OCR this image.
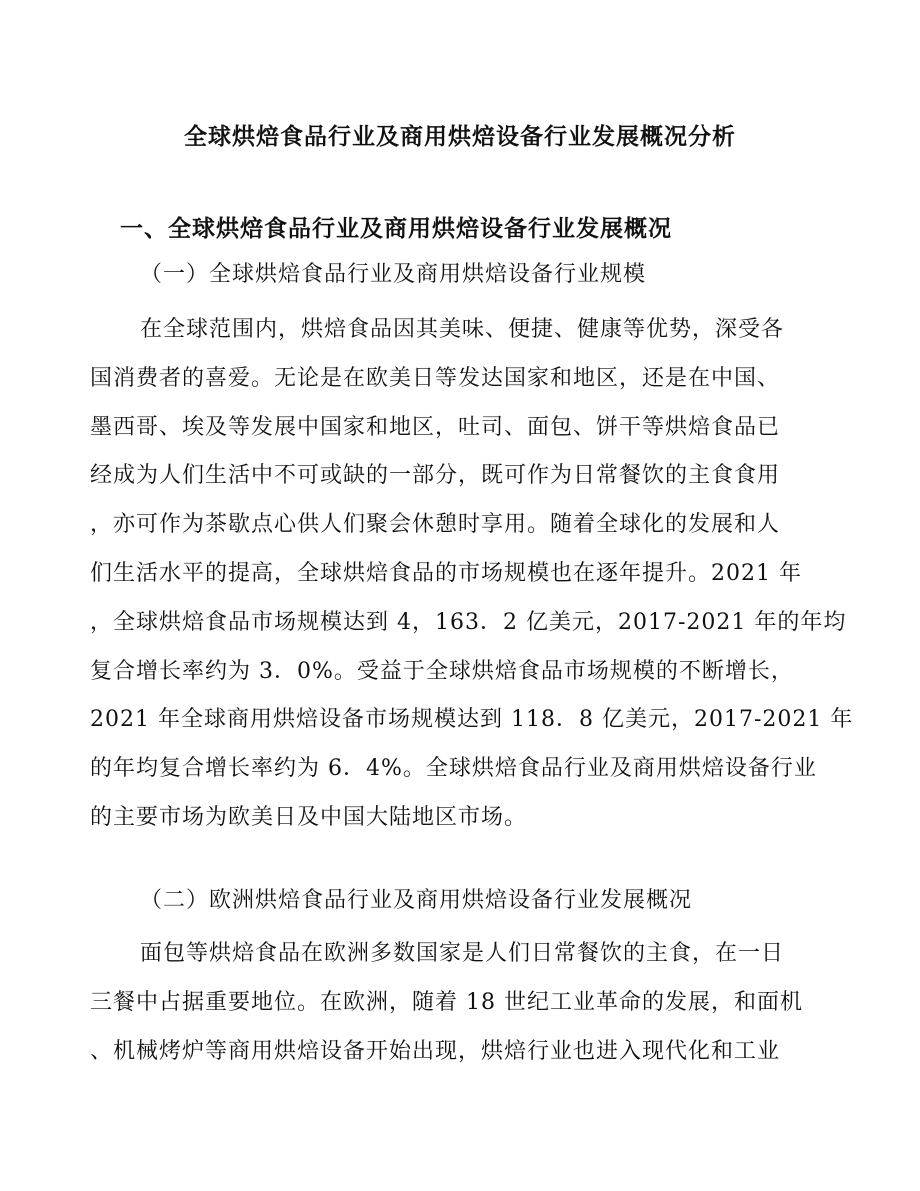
全球烘焙食品行业及商用烘焙设备行业发展概况分析
一、全球烘焙食品行业及商用烘焙设备行业发展概况
（一）全球烘焙食品行业及商用烘焙设备行业规模
在全球范围内，烘焙食品因其美味、便捷、健康等优势，深受各
国消费者的喜爱。无论是在欧美日等发达国家和地区，还是在中国、
墨西哥、埃及等发展中国家和地区，吐司、面包、饼干等烘焙食品已
经成为人们生活中不可或缺的一部分，既可作为日常餐饮的主食食用
，亦可作为茶歇点心供人们聚会休憩时享用。随着全球化的发展和人
们生活水平的提高，全球烘焙食品的市场规模也在逐年提升。2021 年
，全球烘焙食品市场规模达到 4，163．2 亿美元，2017-2021 年的年均
复合增长率约为 3．0%。受益于全球烘焙食品市场规模的不断增长，
2021 年全球商用烘焙设备市场规模达到 118．8 亿美元，2017-2021 年
的年均复合增长率约为 6．4%。全球烘焙食品行业及商用烘焙设备行业
的主要市场为欧美日及中国大陆地区市场。
（二）欧洲烘焙食品行业及商用烘焙设备行业发展概况
面包等烘焙食品在欧洲多数国家是人们日常餐饮的主食，在一日
三餐中占据重要地位。在欧洲，随着 18 世纪工业革命的发展，和面机
、机械烤炉等商用烘焙设备开始出现，烘焙行业也进入现代化和工业
